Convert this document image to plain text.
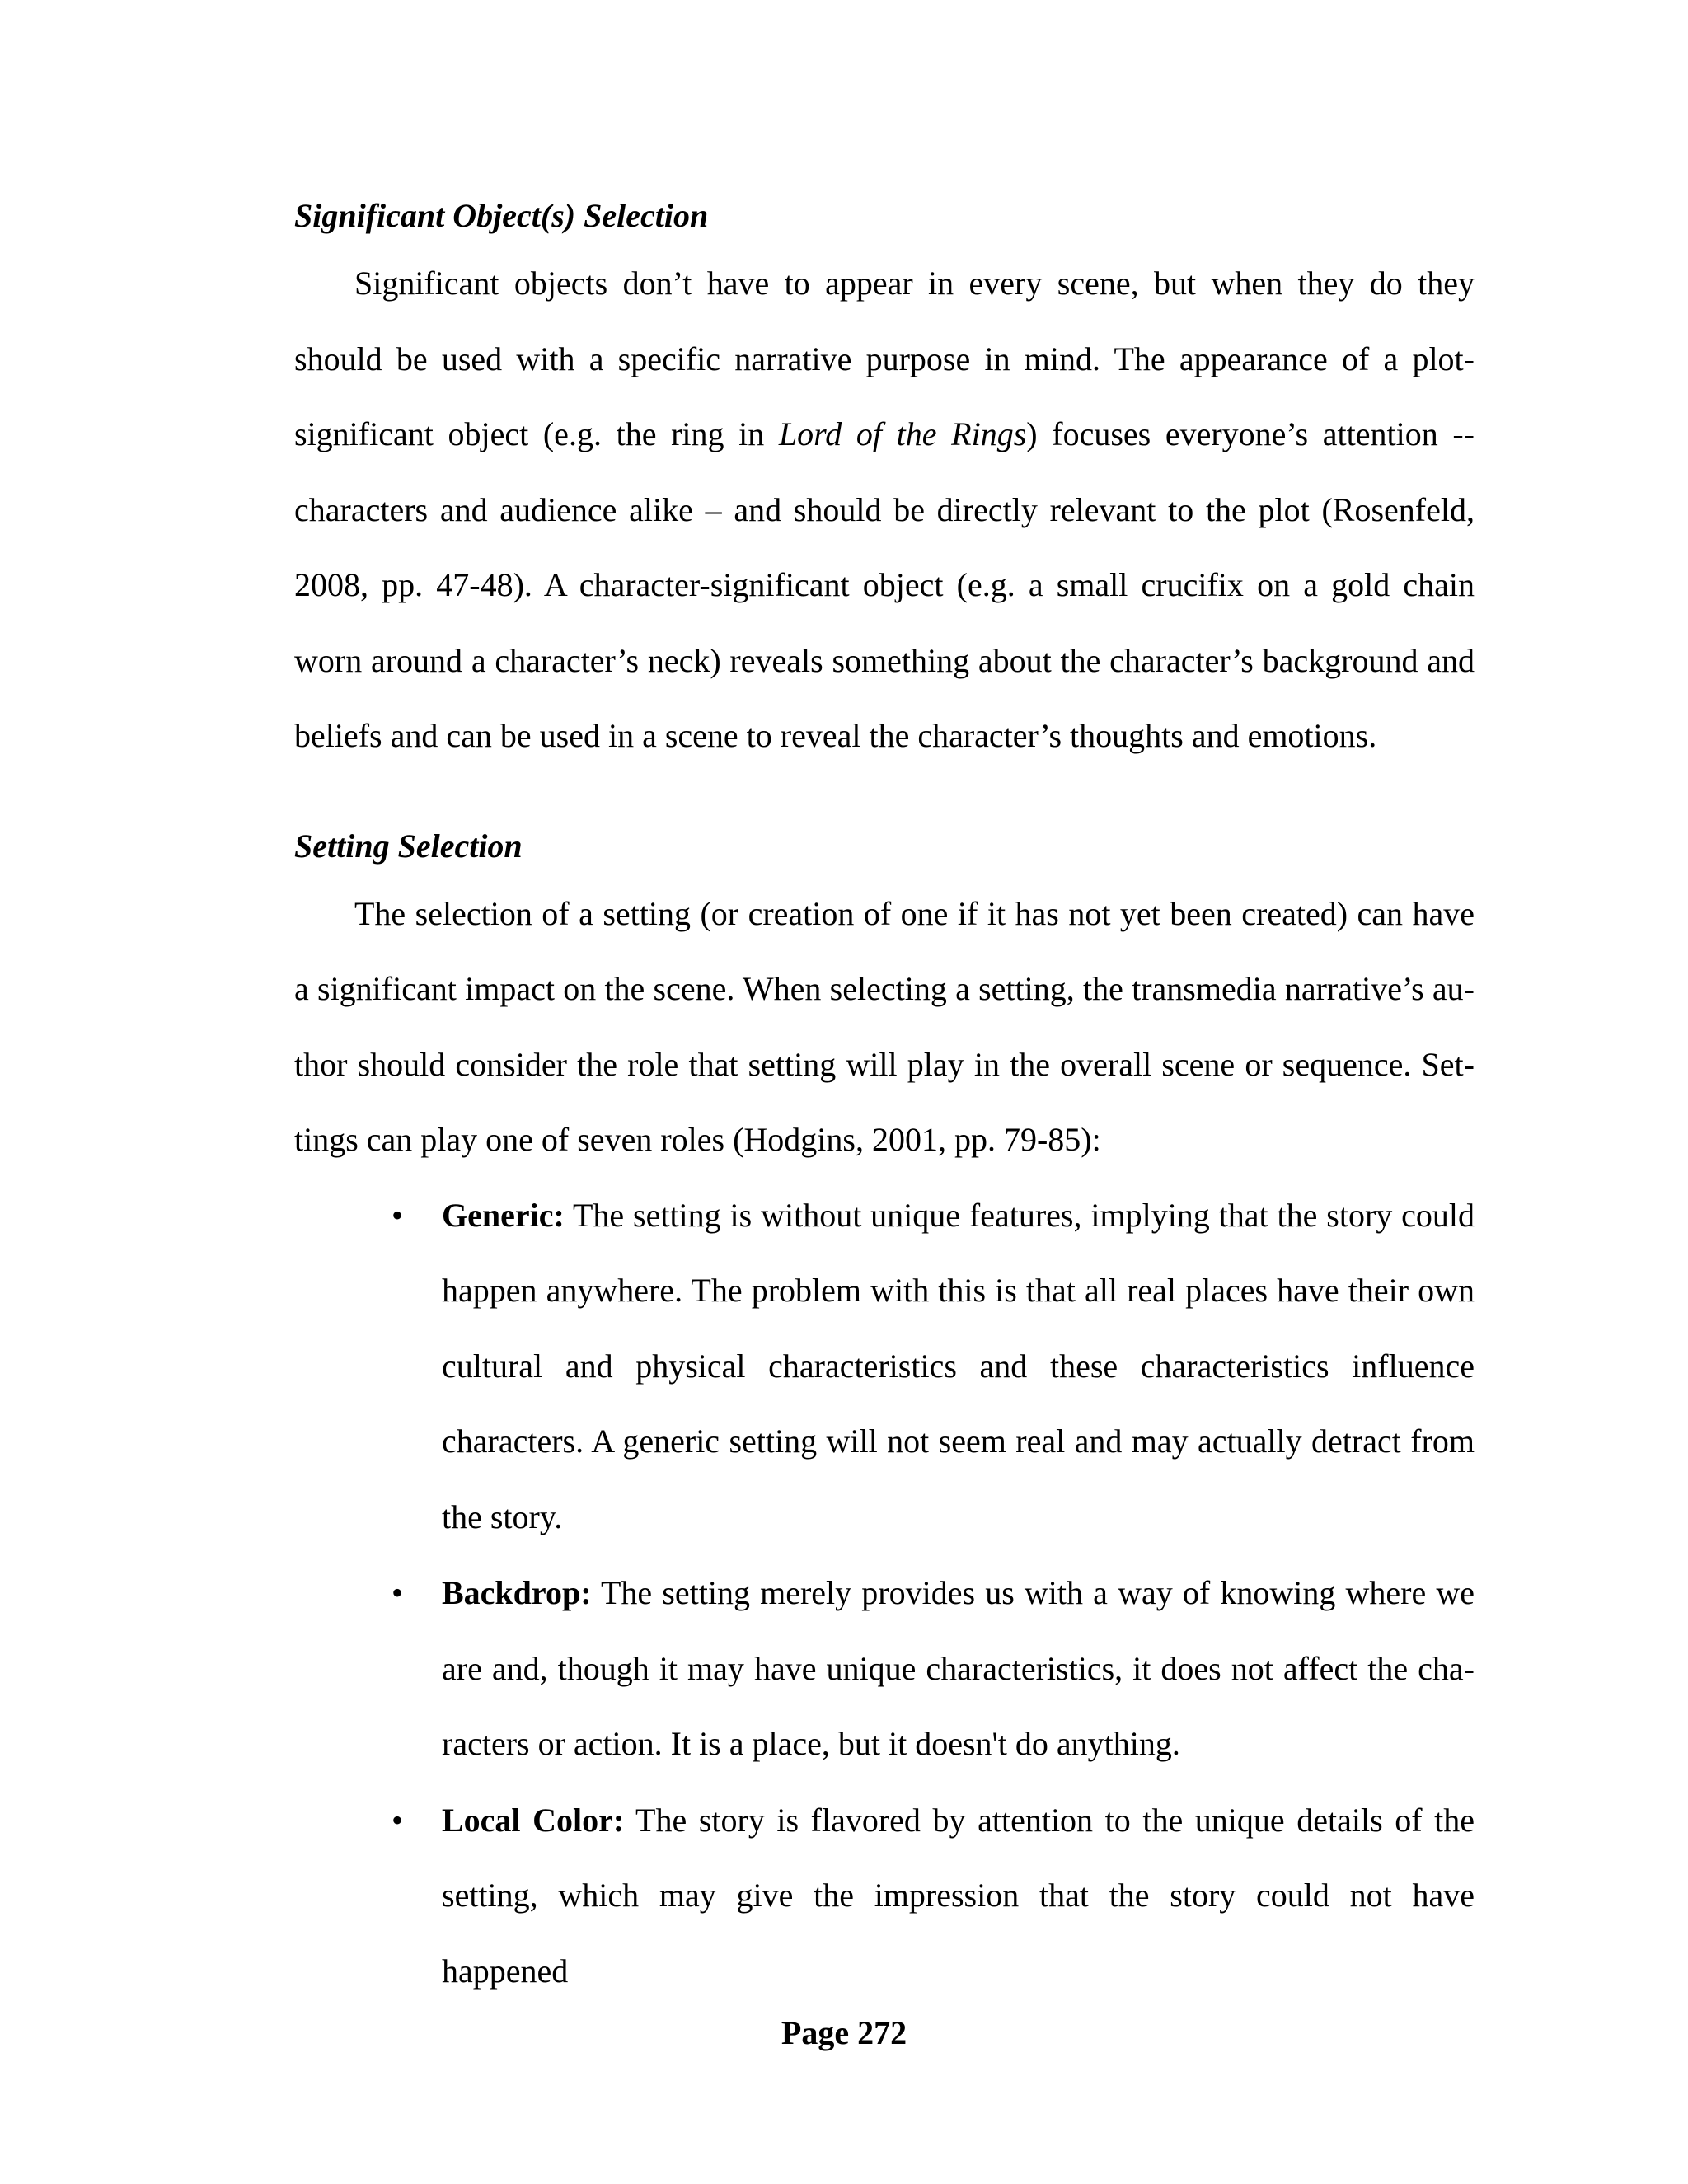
Significant Object(s) Selection

Significant objects don’t have to appear in every scene, but when they do they should be used with a specific narrative purpose in mind. The appearance of a plot-significant object (e.g. the ring in Lord of the Rings) focuses everyone’s attention -- characters and audience alike – and should be directly relevant to the plot (Rosenfeld, 2008, pp. 47-48). A character-significant object (e.g. a small crucifix on a gold chain worn around a character’s neck) reveals something about the character’s background and beliefs and can be used in a scene to reveal the character’s thoughts and emotions.

Setting Selection

The selection of a setting (or creation of one if it has not yet been created) can have a significant impact on the scene. When selecting a setting, the transmedia narrative’s author should consider the role that setting will play in the overall scene or sequence. Settings can play one of seven roles (Hodgins, 2001, pp. 79-85):

• Generic: The setting is without unique features, implying that the story could happen anywhere. The problem with this is that all real places have their own cultural and physical characteristics and these characteristics influence characters. A generic setting will not seem real and may actually detract from the story.
• Backdrop: The setting merely provides us with a way of knowing where we are and, though it may have unique characteristics, it does not affect the characters or action. It is a place, but it doesn't do anything.
• Local Color: The story is flavored by attention to the unique details of the setting, which may give the impression that the story could not have happened
Page 272
